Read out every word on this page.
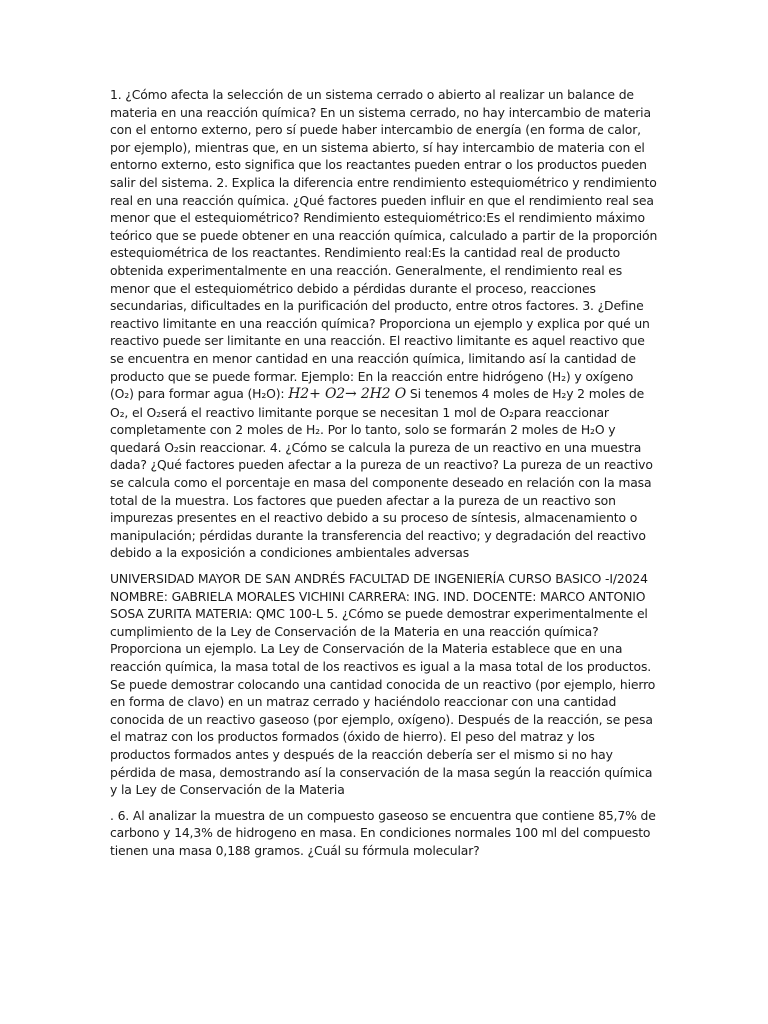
1. ¿Cómo afecta la selección de un sistema cerrado o abierto al realizar un balance de materia en una reacción química? En un sistema cerrado, no hay intercambio de materia con el entorno externo, pero sí puede haber intercambio de energía (en forma de calor, por ejemplo), mientras que, en un sistema abierto, sí hay intercambio de materia con el entorno externo, esto significa que los reactantes pueden entrar o los productos pueden salir del sistema. 2. Explica la diferencia entre rendimiento estequiométrico y rendimiento real en una reacción química. ¿Qué factores pueden influir en que el rendimiento real sea menor que el estequiométrico? Rendimiento estequiométrico:Es el rendimiento máximo teórico que se puede obtener en una reacción química, calculado a partir de la proporción estequiométrica de los reactantes. Rendimiento real:Es la cantidad real de producto obtenida experimentalmente en una reacción. Generalmente, el rendimiento real es menor que el estequiométrico debido a pérdidas durante el proceso, reacciones secundarias, dificultades en la purificación del producto, entre otros factores. 3. ¿Define reactivo limitante en una reacción química? Proporciona un ejemplo y explica por qué un reactivo puede ser limitante en una reacción. El reactivo limitante es aquel reactivo que se encuentra en menor cantidad en una reacción química, limitando así la cantidad de producto que se puede formar. Ejemplo: En la reacción entre hidrógeno (H₂) y oxígeno (O₂) para formar agua (H₂O): H2+ O2→ 2H2 O Si tenemos 4 moles de H₂y 2 moles de O₂, el O₂será el reactivo limitante porque se necesitan 1 mol de O₂para reaccionar completamente con 2 moles de H₂. Por lo tanto, solo se formarán 2 moles de H₂O y quedará O₂sin reaccionar. 4. ¿Cómo se calcula la pureza de un reactivo en una muestra dada? ¿Qué factores pueden afectar a la pureza de un reactivo? La pureza de un reactivo se calcula como el porcentaje en masa del componente deseado en relación con la masa total de la muestra. Los factores que pueden afectar a la pureza de un reactivo son impurezas presentes en el reactivo debido a su proceso de síntesis, almacenamiento o manipulación; pérdidas durante la transferencia del reactivo; y degradación del reactivo debido a la exposición a condiciones ambientales adversas

UNIVERSIDAD MAYOR DE SAN ANDRÉS FACULTAD DE INGENIERÍA CURSO BASICO -I/2024 NOMBRE: GABRIELA MORALES VICHINI CARRERA: ING. IND. DOCENTE: MARCO ANTONIO SOSA ZURITA MATERIA: QMC 100-L 5. ¿Cómo se puede demostrar experimentalmente el cumplimiento de la Ley de Conservación de la Materia en una reacción química? Proporciona un ejemplo. La Ley de Conservación de la Materia establece que en una reacción química, la masa total de los reactivos es igual a la masa total de los productos. Se puede demostrar colocando una cantidad conocida de un reactivo (por ejemplo, hierro en forma de clavo) en un matraz cerrado y haciéndolo reaccionar con una cantidad conocida de un reactivo gaseoso (por ejemplo, oxígeno). Después de la reacción, se pesa el matraz con los productos formados (óxido de hierro). El peso del matraz y los productos formados antes y después de la reacción debería ser el mismo si no hay pérdida de masa, demostrando así la conservación de la masa según la reacción química y la Ley de Conservación de la Materia

. 6. Al analizar la muestra de un compuesto gaseoso se encuentra que contiene 85,7% de carbono y 14,3% de hidrogeno en masa. En condiciones normales 100 ml del compuesto tienen una masa 0,188 gramos. ¿Cuál su fórmula molecular?
